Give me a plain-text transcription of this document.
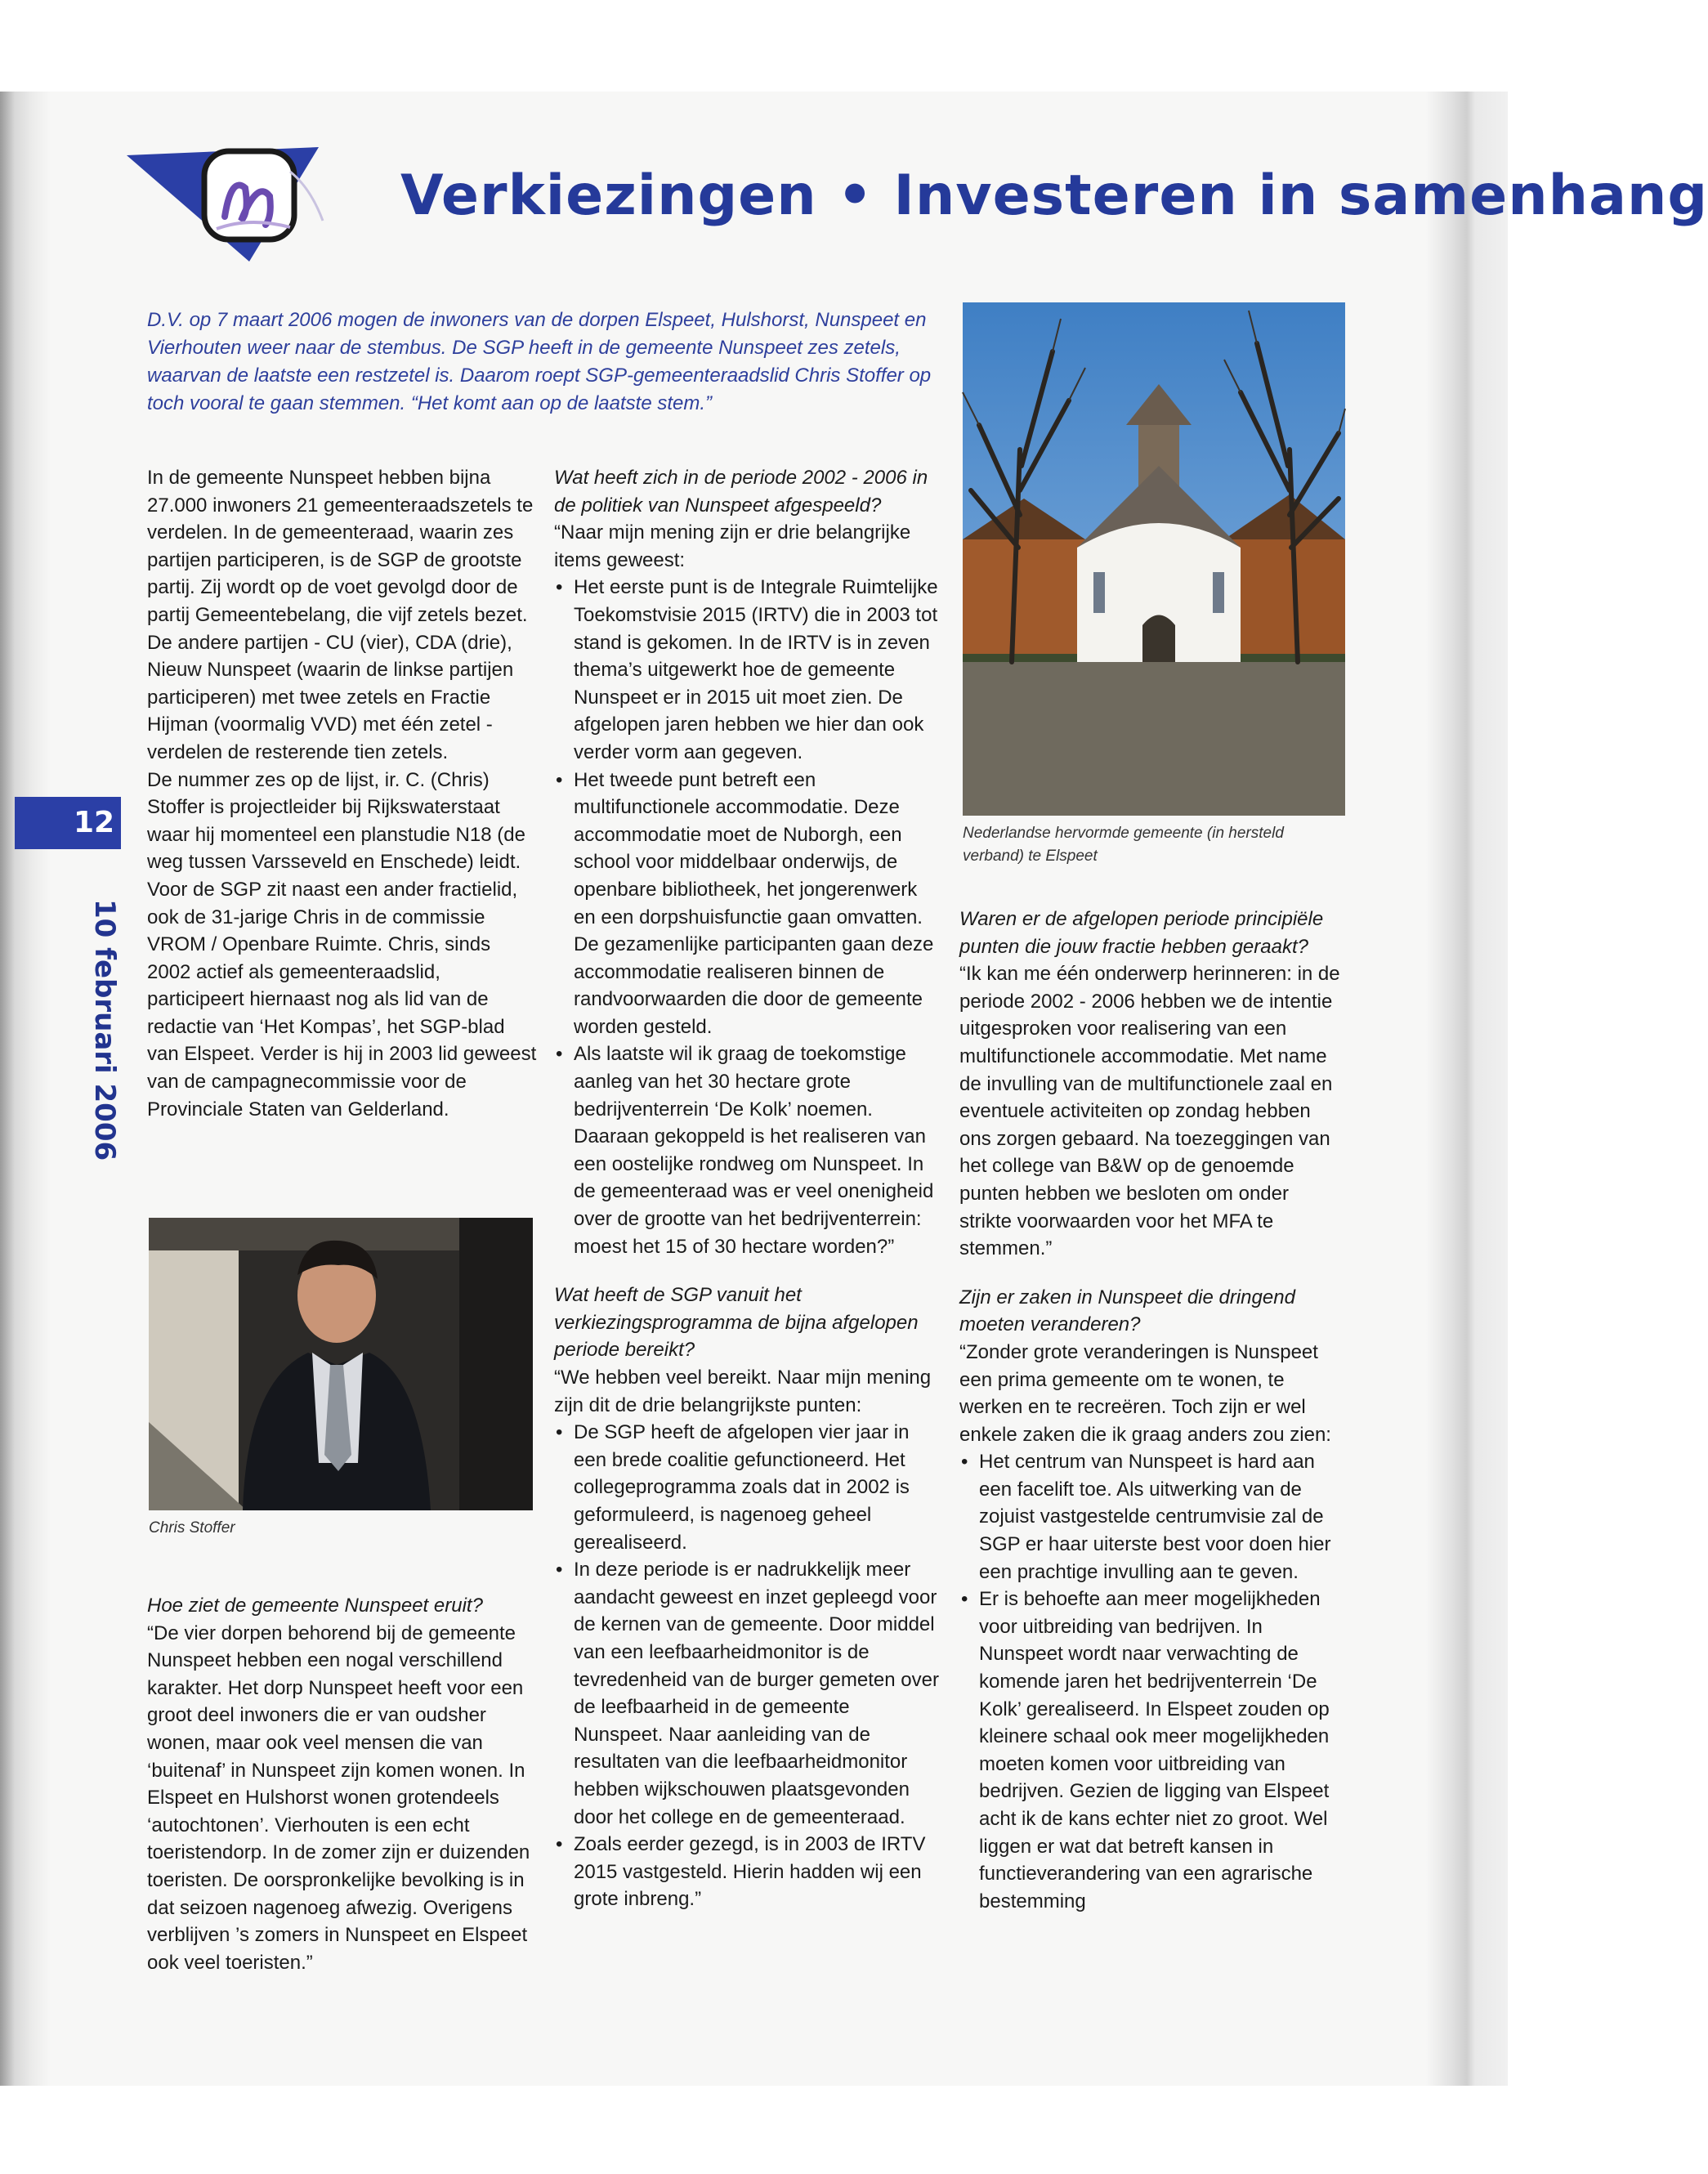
Verkiezingen • Investeren in samenhang
12
10 februari 2006
D.V. op 7 maart 2006 mogen de inwoners van de dorpen Elspeet, Hulshorst, Nunspeet en Vierhouten weer naar de stembus. De SGP heeft in de gemeente Nunspeet zes zetels, waarvan de laatste een restzetel is. Daarom roept SGP-gemeenteraadslid Chris Stoffer op toch vooral te gaan stemmen. “Het komt aan op de laatste stem.”

In de gemeente Nunspeet hebben bijna 27.000 inwoners 21 gemeenteraadszetels te verdelen. In de gemeenteraad, waarin zes partijen participeren, is de SGP de grootste partij. Zij wordt op de voet gevolgd door de partij Gemeentebelang, die vijf zetels bezet. De andere partijen - CU (vier), CDA (drie), Nieuw Nunspeet (waarin de linkse partijen participeren) met twee zetels en Fractie Hijman (voormalig VVD) met één zetel - verdelen de resterende tien zetels.

De nummer zes op de lijst, ir. C. (Chris) Stoffer is projectleider bij Rijkswaterstaat waar hij momenteel een planstudie N18 (de weg tussen Varsseveld en Enschede) leidt. Voor de SGP zit naast een ander fractielid, ook de 31-jarige Chris in de commissie VROM / Openbare Ruimte. Chris, sinds 2002 actief als gemeenteraadslid, participeert hiernaast nog als lid van de redactie van ‘Het Kompas’, het SGP-blad van Elspeet. Verder is hij in 2003 lid geweest van de campagnecommissie voor de Provinciale Staten van Gelderland.

Chris Stoffer

Hoe ziet de gemeente Nunspeet eruit?

“De vier dorpen behorend bij de gemeente Nunspeet hebben een nogal verschillend karakter. Het dorp Nunspeet heeft voor een groot deel inwoners die er van oudsher wonen, maar ook veel mensen die van ‘buitenaf’ in Nunspeet zijn komen wonen. In Elspeet en Hulshorst wonen grotendeels ‘autochtonen’. Vierhouten is een echt toeristendorp. In de zomer zijn er duizenden toeristen. De oorspronkelijke bevolking is in dat seizoen nagenoeg afwezig. Overigens verblijven ’s zomers in Nunspeet en Elspeet ook veel toeristen.”

Wat heeft zich in de periode 2002 - 2006 in de politiek van Nunspeet afgespeeld?

“Naar mijn mening zijn er drie belangrijke items geweest:

• Het eerste punt is de Integrale Ruimtelijke Toekomstvisie 2015 (IRTV) die in 2003 tot stand is gekomen. In de IRTV is in zeven thema’s uitgewerkt hoe de gemeente Nunspeet er in 2015 uit moet zien. De afgelopen jaren hebben we hier dan ook verder vorm aan gegeven.
• Het tweede punt betreft een multifunctionele accommodatie. Deze accommodatie moet de Nuborgh, een school voor middelbaar onderwijs, de openbare bibliotheek, het jongerenwerk en een dorpshuisfunctie gaan omvatten. De gezamenlijke participanten gaan deze accommodatie realiseren binnen de randvoorwaarden die door de gemeente worden gesteld.
• Als laatste wil ik graag de toekomstige aanleg van het 30 hectare grote bedrijventerrein ‘De Kolk’ noemen. Daaraan gekoppeld is het realiseren van een oostelijke rondweg om Nunspeet. In de gemeenteraad was er veel onenigheid over de grootte van het bedrijventerrein: moest het 15 of 30 hectare worden?”

Wat heeft de SGP vanuit het verkiezingsprogramma de bijna afgelopen periode bereikt?

“We hebben veel bereikt. Naar mijn mening zijn dit de drie belangrijkste punten:

• De SGP heeft de afgelopen vier jaar in een brede coalitie gefunctioneerd. Het collegeprogramma zoals dat in 2002 is geformuleerd, is nagenoeg geheel gerealiseerd.
• In deze periode is er nadrukkelijk meer aandacht geweest en inzet gepleegd voor de kernen van de gemeente. Door middel van een leefbaarheidmonitor is de tevredenheid van de burger gemeten over de leefbaarheid in de gemeente Nunspeet. Naar aanleiding van de resultaten van die leefbaarheidmonitor hebben wijkschouwen plaatsgevonden door het college en de gemeenteraad.
• Zoals eerder gezegd, is in 2003 de IRTV 2015 vastgesteld. Hierin hadden wij een grote inbreng.”
Nederlandse hervormde gemeente (in hersteld verband) te Elspeet

Waren er de afgelopen periode principiële punten die jouw fractie hebben geraakt?

“Ik kan me één onderwerp herinneren: in de periode 2002 - 2006 hebben we de intentie uitgesproken voor realisering van een multifunctionele accommodatie. Met name de invulling van de multifunctionele zaal en eventuele activiteiten op zondag hebben ons zorgen gebaard. Na toezeggingen van het college van B&W op de genoemde punten hebben we besloten om onder strikte voorwaarden voor het MFA te stemmen.”

Zijn er zaken in Nunspeet die dringend moeten veranderen?

“Zonder grote veranderingen is Nunspeet een prima gemeente om te wonen, te werken en te recreëren. Toch zijn er wel enkele zaken die ik graag anders zou zien:

• Het centrum van Nunspeet is hard aan een facelift toe. Als uitwerking van de zojuist vastgestelde centrumvisie zal de SGP er haar uiterste best voor doen hier een prachtige invulling aan te geven.
• Er is behoefte aan meer mogelijkheden voor uitbreiding van bedrijven. In Nunspeet wordt naar verwachting de komende jaren het bedrijventerrein ‘De Kolk’ gerealiseerd. In Elspeet zouden op kleinere schaal ook meer mogelijkheden moeten komen voor uitbreiding van bedrijven. Gezien de ligging van Elspeet acht ik de kans echter niet zo groot. Wel liggen er wat dat betreft kansen in functieverandering van een agrarische bestemming
